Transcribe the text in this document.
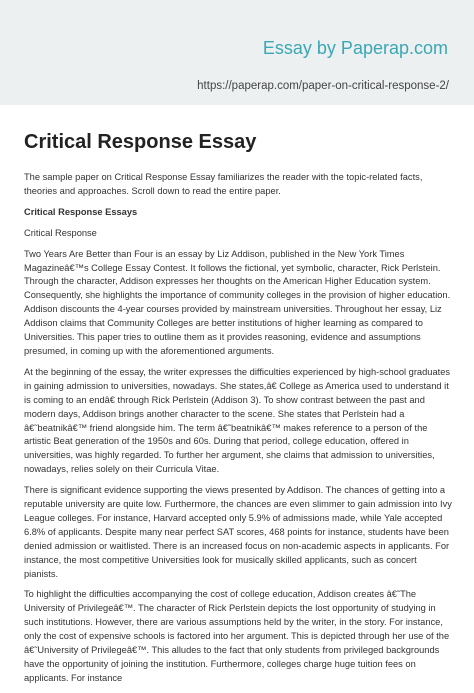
Essay by Paperap.com
https://paperap.com/paper-on-critical-response-2/
Critical Response Essay

The sample paper on Critical Response Essay familiarizes the reader with the topic-related facts, theories and approaches. Scroll down to read the entire paper.

Critical Response Essays

Critical Response

Two Years Are Better than Four is an essay by Liz Addison, published in the New York Times Magazineâ€™s College Essay Contest. It follows the fictional, yet symbolic, character, Rick Perlstein. Through the character, Addison expresses her thoughts on the American Higher Education system. Consequently, she highlights the importance of community colleges in the provision of higher education. Addison discounts the 4-year courses provided by mainstream universities. Throughout her essay, Liz Addison claims that Community Colleges are better institutions of higher learning as compared to Universities. This paper tries to outline them as it provides reasoning, evidence and assumptions presumed, in coming up with the aforementioned arguments.

At the beginning of the essay, the writer expresses the difficulties experienced by high-school graduates in gaining admission to universities, nowadays. She states,â€ College as America used to understand it is coming to an endâ€ through Rick Perlstein (Addison 3). To show contrast between the past and modern days, Addison brings another character to the scene. She states that Perlstein had a â€˜beatnikâ€™ friend alongside him. The term â€˜beatnikâ€™ makes reference to a person of the artistic Beat generation of the 1950s and 60s. During that period, college education, offered in universities, was highly regarded. To further her argument, she claims that admission to universities, nowadays, relies solely on their Curricula Vitae.

There is significant evidence supporting the views presented by Addison. The chances of getting into a reputable university are quite low. Furthermore, the chances are even slimmer to gain admission into Ivy League colleges. For instance, Harvard accepted only 5.9% of admissions made, while Yale accepted 6.8% of applicants. Despite many near perfect SAT scores, 468 points for instance, students have been denied admission or waitlisted. There is an increased focus on non-academic aspects in applicants. For instance, the most competitive Universities look for musically skilled applicants, such as concert pianists.

To highlight the difficulties accompanying the cost of college education, Addison creates â€˜The University of Privilegeâ€™. The character of Rick Perlstein depicts the lost opportunity of studying in such institutions. However, there are various assumptions held by the writer, in the story. For instance, only the cost of expensive schools is factored into her argument. This is depicted through her use of the â€˜University of Privilegeâ€™. This alludes to the fact that only students from privileged backgrounds have the opportunity of joining the institution. Furthermore, colleges charge huge tuition fees on applicants. For instance
